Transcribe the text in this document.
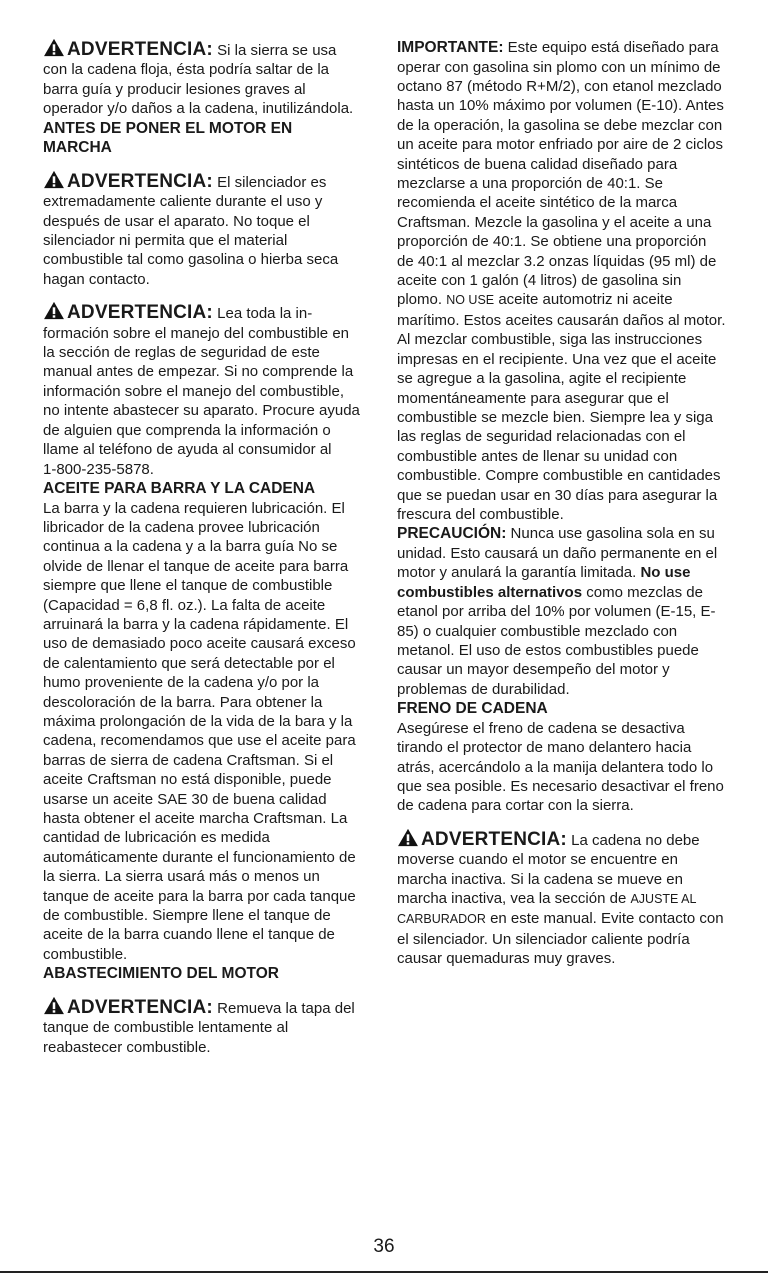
ADVERTENCIA: Si la sierra se usa con la cadena floja, ésta podría saltar de la barra guía y producir lesiones graves al operador y/o daños a la cadena, inutilizándola.

ANTES DE PONER EL MOTOR EN MARCHA

ADVERTENCIA: El silenciador es extremadamente caliente durante el uso y después de usar el aparato. No toque el silenciador ni permita que el material combustible tal como gasolina o hierba seca hagan contacto.

ADVERTENCIA: Lea toda la in- formación sobre el manejo del combustible en la sección de reglas de seguridad de este manual antes de empezar. Si no comprende la información sobre el manejo del combustible, no intente abastecer su aparato. Procure ayuda de alguien que comprenda la información o llame al teléfono de ayuda al consumidor al
1-800-235-5878.

ACEITE PARA BARRA Y LA CADENA

La barra y la cadena requieren lubricación. El libricador de la cadena provee lubricación continua a la cadena y a la barra guía No se olvide de llenar el tanque de aceite para barra siempre que llene el tanque de combustible (Capacidad = 6,8 fl. oz.). La falta de aceite arruinará la barra y la cadena rápidamente. El uso de demasiado poco aceite causará exceso de calentamiento que será detectable por el humo proveniente de la cadena y/o por la descoloración de la barra. Para obtener la máxima prolongación de la vida de la bara y la cadena, recomendamos que use el aceite para barras de sierra de cadena Craftsman. Si el aceite Craftsman no está disponible, puede usarse un aceite SAE 30 de buena calidad hasta obtener el aceite marcha Craftsman. La cantidad de lubricación es medida automáticamente durante el funcionamiento de la sierra. La sierra usará más o menos un tanque de aceite para la barra por cada tanque de combustible. Siempre llene el tanque de aceite de la barra cuando llene el tanque de combustible.

ABASTECIMIENTO DEL MOTOR

ADVERTENCIA: Remueva la tapa del tanque de combustible lentamente al reabastecer combustible.

IMPORTANTE: Este equipo está diseñado para operar con gasolina sin plomo con un mínimo de octano 87 (método R+M/2), con etanol mezclado hasta un 10% máximo por volumen (E-10). Antes de la operación, la gasolina se debe mezclar con un aceite para motor enfriado por aire de 2 ciclos sintéticos de buena calidad diseñado para mezclarse a una proporción de 40:1. Se recomienda el aceite sintético de la marca Craftsman. Mezcle la gasolina y el aceite a una proporción de 40:1. Se obtiene una proporción de 40:1 al mezclar 3.2 onzas líquidas (95 ml) de aceite con 1 galón (4 litros) de gasolina sin plomo. NO USE aceite automotriz ni aceite marítimo. Estos aceites causarán daños al motor. Al mezclar combustible, siga las instrucciones impresas en el recipiente. Una vez que el aceite se agregue a la gasolina, agite el recipiente momentáneamente para asegurar que el combustible se mezcle bien. Siempre lea y siga las reglas de seguridad relacionadas con el combustible antes de llenar su unidad con combustible. Compre combustible en cantidades que se puedan usar en 30 días para asegurar la frescura del combustible.

PRECAUCIÓN: Nunca use gasolina sola en su unidad. Esto causará un daño permanente en el motor y anulará la garantía limitada. No use combustibles alternativos como mezclas de etanol por arriba del 10% por volumen (E-15, E-85) o cualquier combustible mezclado con metanol. El uso de estos combustibles puede causar un mayor desempeño del motor y problemas de durabilidad.

FRENO DE CADENA

Asegúrese el freno de cadena se desactiva tirando el protector de mano delantero hacia atrás, acercándolo a la manija delantera todo lo que sea posible. Es necesario desactivar el freno de cadena para cortar con la sierra.

ADVERTENCIA: La cadena no debe moverse cuando el motor se encuentre en marcha inactiva. Si la cadena se mueve en marcha inactiva, vea la sección de AJUSTE AL CARBURADOR en este manual. Evite contacto con el silenciador. Un silenciador caliente podría causar quemaduras muy graves.

36
